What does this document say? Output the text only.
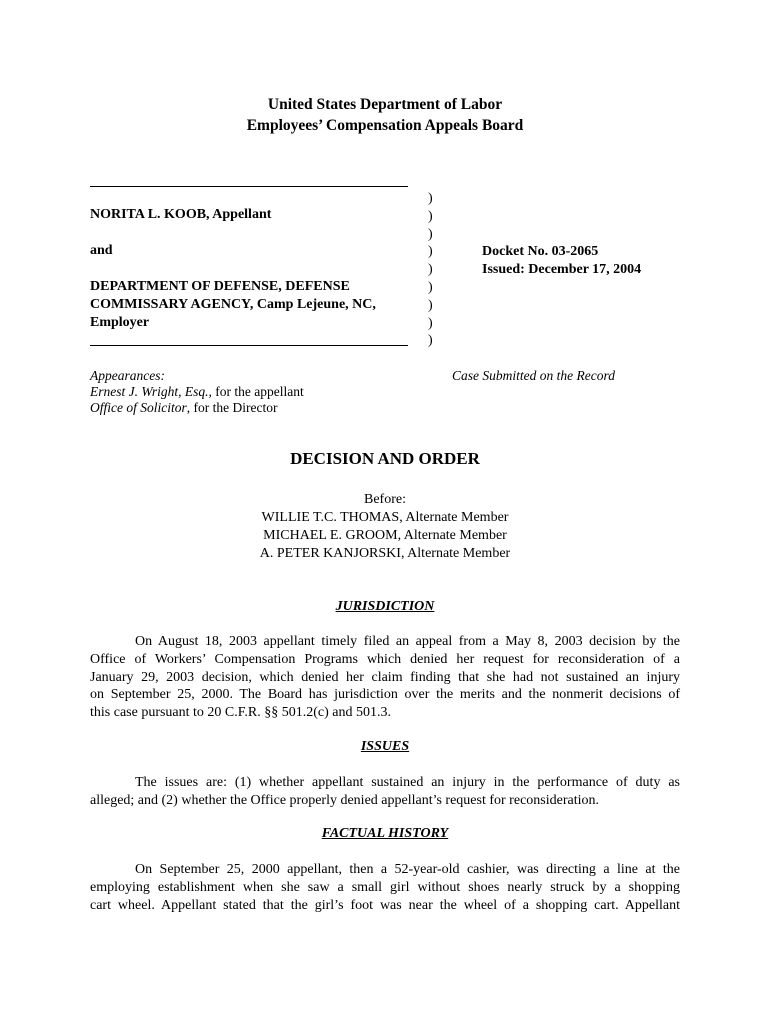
United States Department of Labor
Employees’ Compensation Appeals Board
NORITA L. KOOB, Appellant
and
DEPARTMENT OF DEFENSE, DEFENSE
COMMISSARY AGENCY, Camp Lejeune, NC,
Employer
)
)
)
)
)
)
)
)
)
Docket No. 03-2065
Issued: December 17, 2004
Appearances:
Ernest J. Wright, Esq., for the appellant
Office of Solicitor, for the Director
Case Submitted on the Record
DECISION AND ORDER
Before:
WILLIE T.C. THOMAS, Alternate Member
MICHAEL E. GROOM, Alternate Member
A. PETER KANJORSKI, Alternate Member
JURISDICTION
On August 18, 2003 appellant timely filed an appeal from a May 8, 2003 decision by the
Office of Workers’ Compensation Programs which denied her request for reconsideration of a
January 29, 2003 decision, which denied her claim finding that she had not sustained an injury
on September 25, 2000. The Board has jurisdiction over the merits and the nonmerit decisions of
this case pursuant to 20 C.F.R. §§ 501.2(c) and 501.3.
ISSUES
The issues are: (1) whether appellant sustained an injury in the performance of duty as
alleged; and (2) whether the Office properly denied appellant’s request for reconsideration.
FACTUAL HISTORY
On September 25, 2000 appellant, then a 52-year-old cashier, was directing a line at the
employing establishment when she saw a small girl without shoes nearly struck by a shopping
cart wheel. Appellant stated that the girl’s foot was near the wheel of a shopping cart. Appellant
